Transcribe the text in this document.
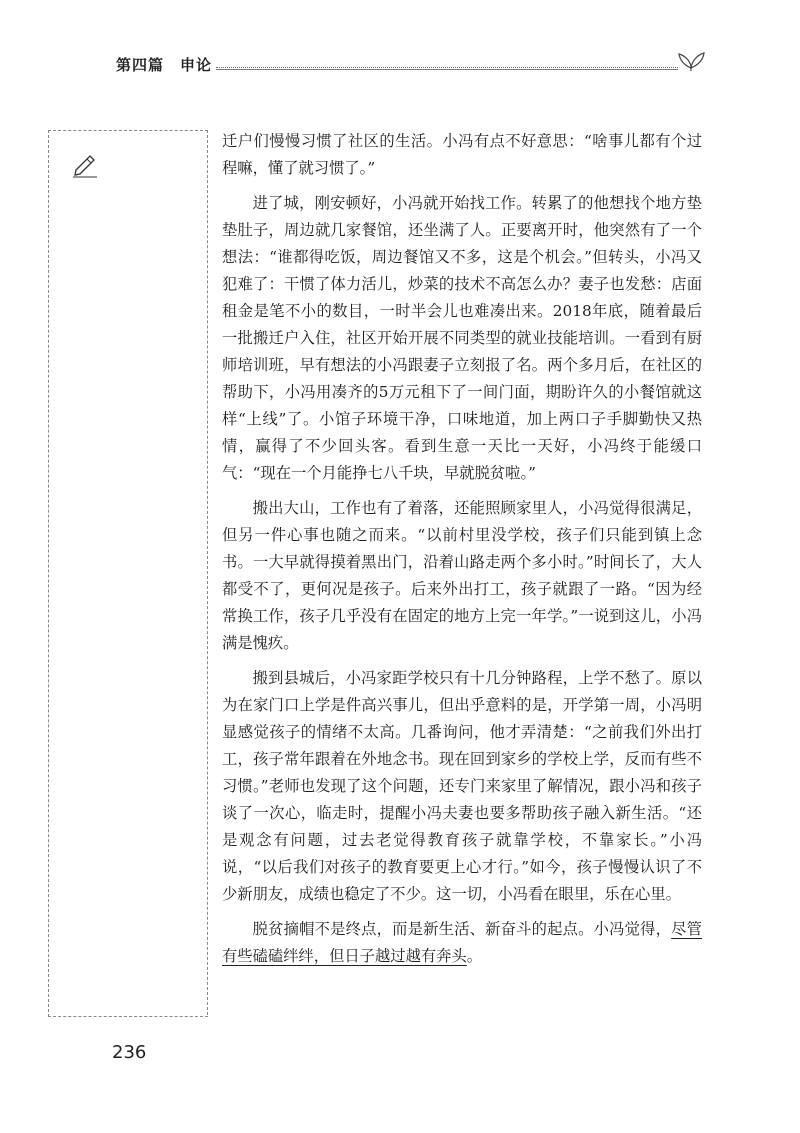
第四篇　申论

迁户们慢慢习惯了社区的生活。小冯有点不好意思：“啥事儿都有个过程嘛，懂了就习惯了。”

进了城，刚安顿好，小冯就开始找工作。转累了的他想找个地方垫垫肚子，周边就几家餐馆，还坐满了人。正要离开时，他突然有了一个想法：“谁都得吃饭，周边餐馆又不多，这是个机会。”但转头，小冯又犯难了：干惯了体力活儿，炒菜的技术不高怎么办？妻子也发愁：店面租金是笔不小的数目，一时半会儿也难凑出来。2018年底，随着最后一批搬迁户入住，社区开始开展不同类型的就业技能培训。一看到有厨师培训班，早有想法的小冯跟妻子立刻报了名。两个多月后，在社区的帮助下，小冯用凑齐的5万元租下了一间门面，期盼许久的小餐馆就这样“上线”了。小馆子环境干净，口味地道，加上两口子手脚勤快又热情，赢得了不少回头客。看到生意一天比一天好，小冯终于能缓口气：“现在一个月能挣七八千块，早就脱贫啦。”

搬出大山，工作也有了着落，还能照顾家里人，小冯觉得很满足，但另一件心事也随之而来。“以前村里没学校，孩子们只能到镇上念书。一大早就得摸着黑出门，沿着山路走两个多小时。”时间长了，大人都受不了，更何况是孩子。后来外出打工，孩子就跟了一路。“因为经常换工作，孩子几乎没有在固定的地方上完一年学。”一说到这儿，小冯满是愧疚。

搬到县城后，小冯家距学校只有十几分钟路程，上学不愁了。原以为在家门口上学是件高兴事儿，但出乎意料的是，开学第一周，小冯明显感觉孩子的情绪不太高。几番询问，他才弄清楚：“之前我们外出打工，孩子常年跟着在外地念书。现在回到家乡的学校上学，反而有些不习惯。”老师也发现了这个问题，还专门来家里了解情况，跟小冯和孩子谈了一次心，临走时，提醒小冯夫妻也要多帮助孩子融入新生活。“还是观念有问题，过去老觉得教育孩子就靠学校，不靠家长。”小冯说，“以后我们对孩子的教育要更上心才行。”如今，孩子慢慢认识了不少新朋友，成绩也稳定了不少。这一切，小冯看在眼里，乐在心里。

脱贫摘帽不是终点，而是新生活、新奋斗的起点。小冯觉得，尽管有些磕磕绊绊，但日子越过越有奔头。

236
